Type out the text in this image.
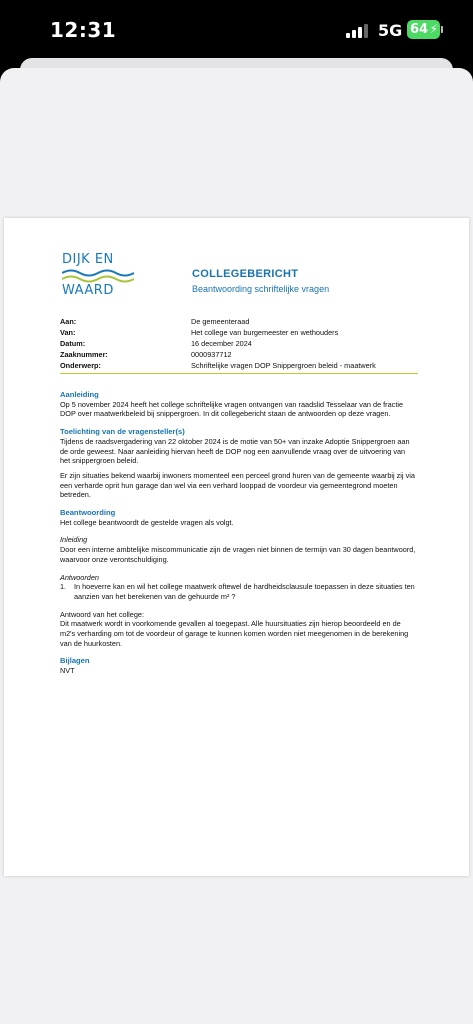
12:31	5G 64 ⚡
DIJK EN
WAARD
COLLEGEBERICHT
Beantwoording schriftelijke vragen
Aan:	De gemeenteraad
Van:	Het college van burgemeester en wethouders
Datum:	16 december 2024
Zaaknummer:	0000937712
Onderwerp:	Schriftelijke vragen DOP Snippergroen beleid - maatwerk
Aanleiding

Op 5 november 2024 heeft het college schriftelijke vragen ontvangen van raadslid Tesselaar van de fractie DOP over maatwerkbeleid bij snippergroen. In dit collegebericht staan de antwoorden op deze vragen.

Toelichting van de vragensteller(s)

Tijdens de raadsvergadering van 22 oktober 2024 is de motie van 50+ van inzake Adoptie Snippergroen aan de orde geweest. Naar aanleiding hiervan heeft de DOP nog een aanvullende vraag over de uitvoering van het snippergroen beleid.

Er zijn situaties bekend waarbij inwoners momenteel een perceel grond huren van de gemeente waarbij zij via een verharde oprit hun garage dan wel via een verhard looppad de voordeur via gemeentegrond moeten betreden.

Beantwoording

Het college beantwoordt de gestelde vragen als volgt.

Inleiding

Door een interne ambtelijke miscommunicatie zijn de vragen niet binnen de termijn van 30 dagen beantwoord, waarvoor onze verontschuldiging.

Antwoorden
1.	In hoeverre kan en wil het college maatwerk oftewel de hardheidsclausule toepassen in deze situaties ten aanzien van het berekenen van de gehuurde m² ?
Antwoord van het college:

Dit maatwerk wordt in voorkomende gevallen al toegepast. Alle huursituaties zijn hierop beoordeeld en de m2's verharding om tot de voordeur of garage te kunnen komen worden niet meegenomen in de berekening van de huurkosten.

Bijlagen
NVT
